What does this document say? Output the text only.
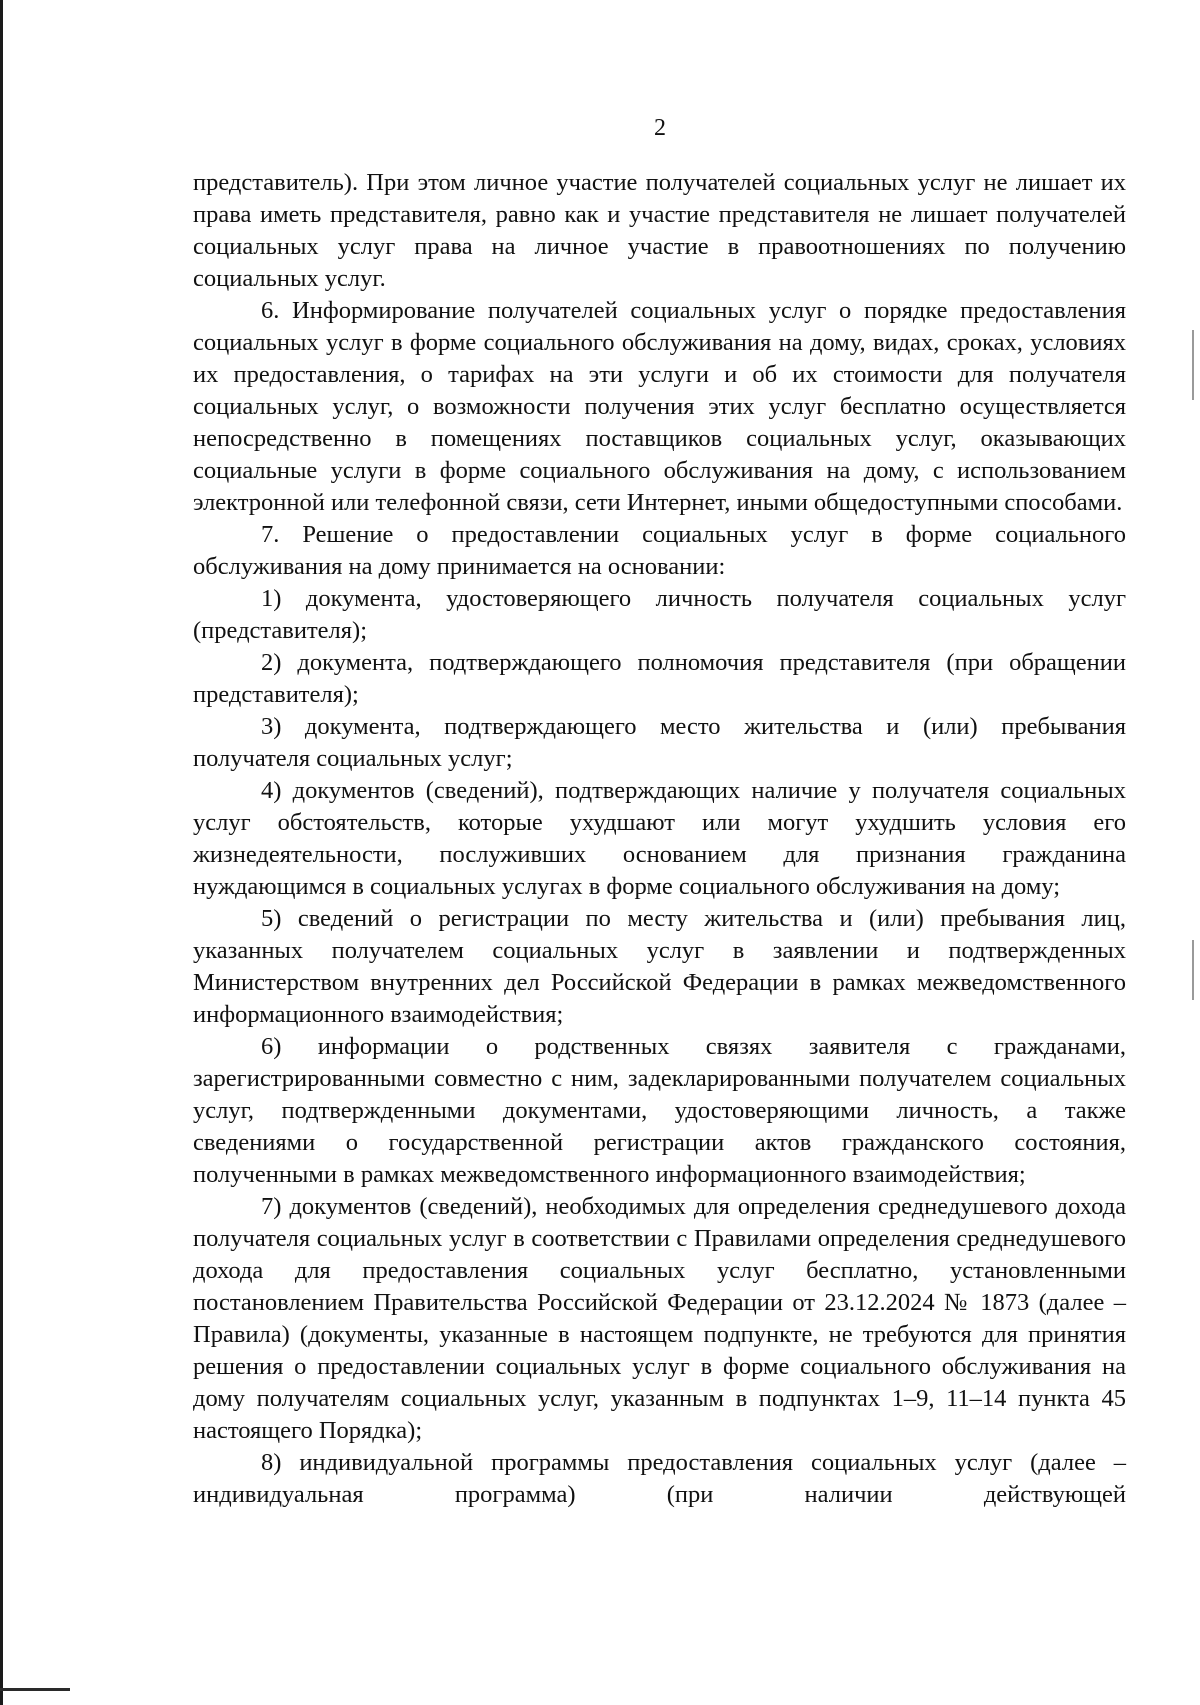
2

представитель). При этом личное участие получателей социальных услуг не лишает их права иметь представителя, равно как и участие представителя не лишает получателей социальных услуг права на личное участие в правоотношениях по получению социальных услуг.

6. Информирование получателей социальных услуг о порядке предоставления социальных услуг в форме социального обслуживания на дому, видах, сроках, условиях их предоставления, о тарифах на эти услуги и об их стоимости для получателя социальных услуг, о возможности получения этих услуг бесплатно осуществляется непосредственно в помещениях поставщиков социальных услуг, оказывающих социальные услуги в форме социального обслуживания на дому, с использованием электронной или телефонной связи, сети Интернет, иными общедоступными способами.

7. Решение о предоставлении социальных услуг в форме социального обслуживания на дому принимается на основании:

1) документа, удостоверяющего личность получателя социальных услуг (представителя);

2) документа, подтверждающего полномочия представителя (при обращении представителя);

3) документа, подтверждающего место жительства и (или) пребывания получателя социальных услуг;

4) документов (сведений), подтверждающих наличие у получателя социальных услуг обстоятельств, которые ухудшают или могут ухудшить условия его жизнедеятельности, послуживших основанием для признания гражданина нуждающимся в социальных услугах в форме социального обслуживания на дому;

5) сведений о регистрации по месту жительства и (или) пребывания лиц, указанных получателем социальных услуг в заявлении и подтвержденных Министерством внутренних дел Российской Федерации в рамках межведомственного информационного взаимодействия;

6) информации о родственных связях заявителя с гражданами, зарегистрированными совместно с ним, задекларированными получателем социальных услуг, подтвержденными документами, удостоверяющими личность, а также сведениями о государственной регистрации актов гражданского состояния, полученными в рамках межведомственного информационного взаимодействия;

7) документов (сведений), необходимых для определения среднедушевого дохода получателя социальных услуг в соответствии с Правилами определения среднедушевого дохода для предоставления социальных услуг бесплатно, установленными постановлением Правительства Российской Федерации от 23.12.2024 № 1873 (далее – Правила) (документы, указанные в настоящем подпункте, не требуются для принятия решения о предоставлении социальных услуг в форме социального обслуживания на дому получателям социальных услуг, указанным в подпунктах 1–9, 11–14 пункта 45 настоящего Порядка);

8) индивидуальной программы предоставления социальных услуг (далее – индивидуальная программа) (при наличии действующей
